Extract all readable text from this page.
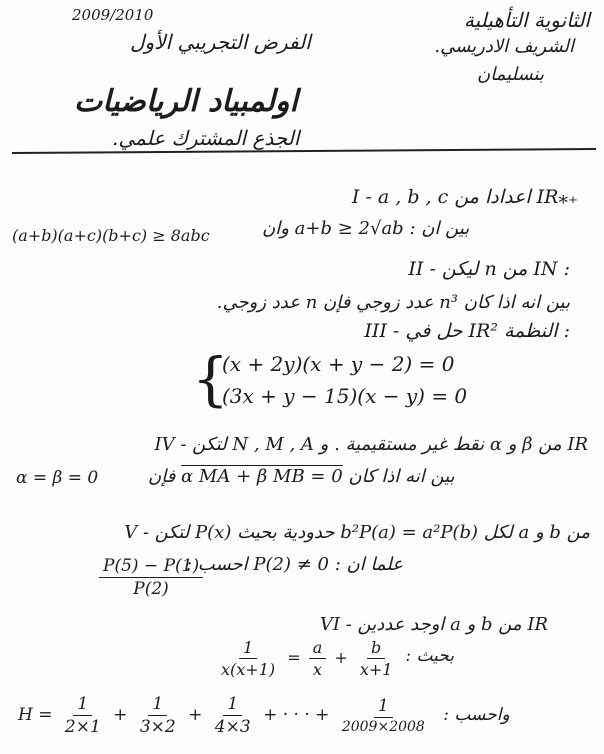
2009/2010	الثانوية التأهيلية
الشريف الادريسي.
بنسليمان
الفرض التجريبي الأول
اولمبياد الرياضيات
الجذع المشترك علمي.
I - a , b , c اعدادا من IR⁎₊
وان a+b ≥ 2√ab بين ان :
(a+b)(a+c)(b+c) ≥ 8abc
II - ليكن n من IN :
بين انه اذا كان n³ عدد زوجي فإن n عدد زوجي.
III - حل في IR² النظمة :
{
(x + 2y)(x + y − 2) = 0
(3x + y − 15)(x − y) = 0
IV - لتكن N , M , A نقط غير مستقيمية . و α و β من IR
فإن α MA + β MB = 0 بين انه اذا كان
α = β = 0
V - لتكن P(x) حدودية بحيث b²P(a) = a²P(b) لكل a و b من
احسب : P(2) ≠ 0 علما ان :
$\frac{P(5) - P(1)}{P(2)}$
VI - اوجد عددين a و b من IR
بحيث :
$\frac{1}{x(x+1)} = \frac{a}{x} + \frac{b}{x+1}$
$H = \frac{1}{2\times 1} + \frac{1}{3\times 2} + \frac{1}{4\times 3}$ + · · · + $\frac{1}{2009\times 2008}$ واحسب :
